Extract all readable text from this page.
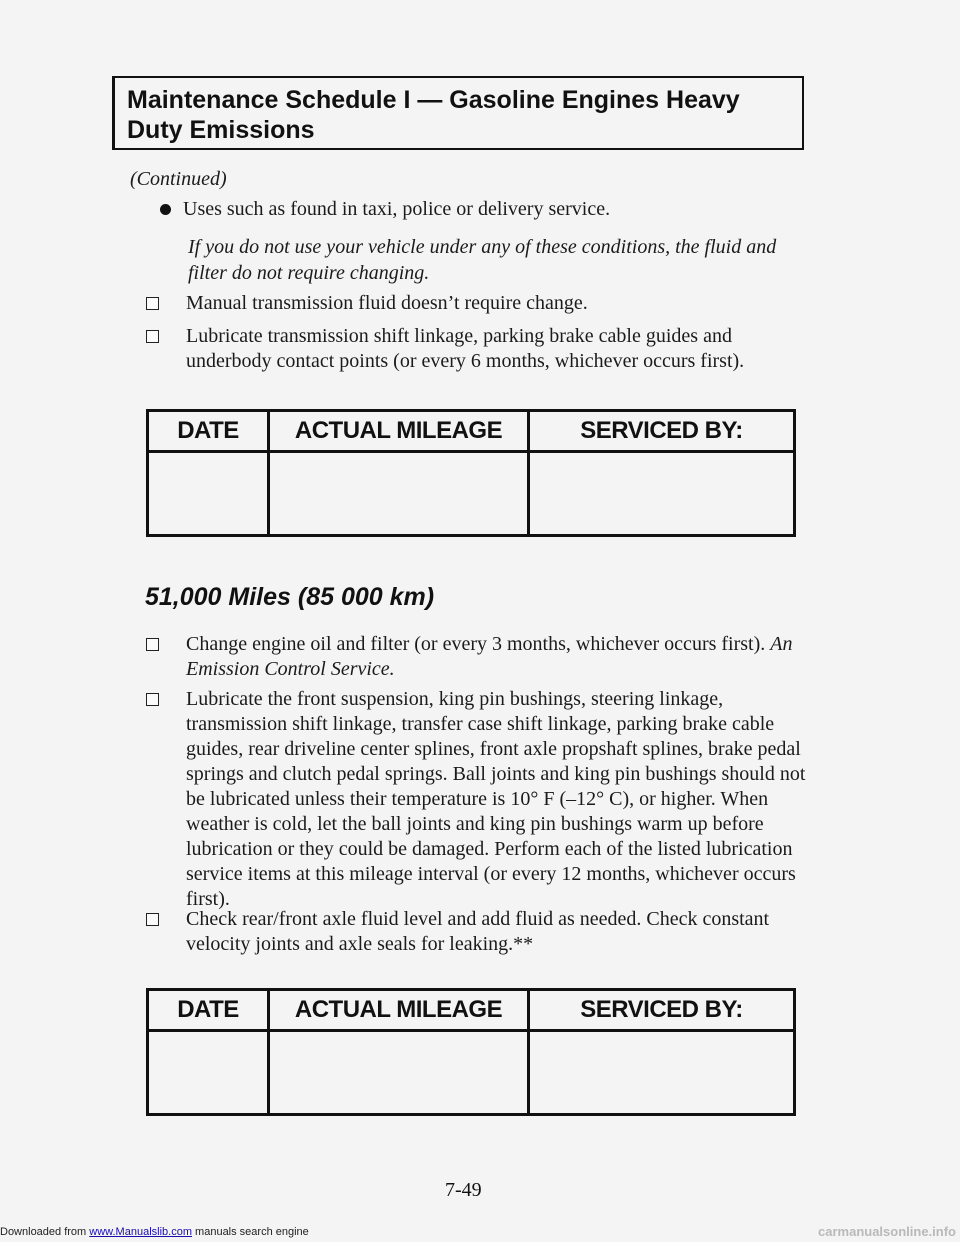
Maintenance Schedule I — Gasoline Engines Heavy Duty Emissions
(Continued)
Uses such as found in taxi, police or delivery service.
If you do not use your vehicle under any of these conditions, the fluid and filter do not require changing.
Manual transmission fluid doesn’t require change.
Lubricate transmission shift linkage, parking brake cable guides and underbody contact points (or every 6 months, whichever occurs first).
DATE	ACTUAL MILEAGE	SERVICED BY:
51,000 Miles (85 000 km)
Change engine oil and filter (or every 3 months, whichever occurs first). An Emission Control Service.
Lubricate the front suspension, king pin bushings, steering linkage, transmission shift linkage, transfer case shift linkage, parking brake cable guides, rear driveline center splines, front axle propshaft splines, brake pedal springs and clutch pedal springs. Ball joints and king pin bushings should not be lubricated unless their temperature is 10° F (–12° C), or higher. When weather is cold, let the ball joints and king pin bushings warm up before lubrication or they could be damaged. Perform each of the listed lubrication service items at this mileage interval (or every 12 months, whichever occurs first).
Check rear/front axle fluid level and add fluid as needed. Check constant velocity joints and axle seals for leaking.**
DATE	ACTUAL MILEAGE	SERVICED BY:
7-49
Downloaded from www.Manualslib.com manuals search engine	carmanualsonline.info
